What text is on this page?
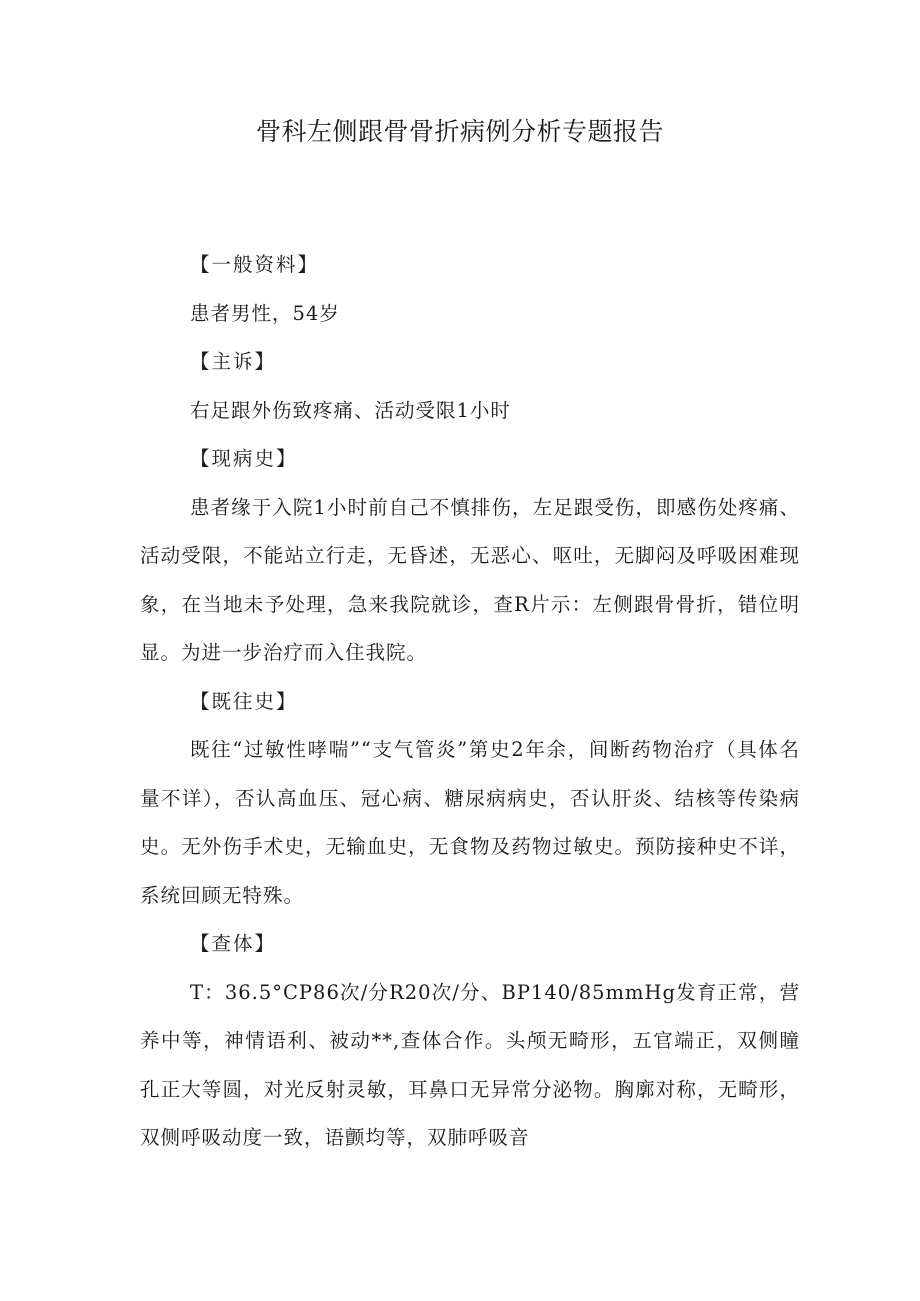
骨科左侧跟骨骨折病例分析专题报告

【一般资料】

患者男性，54岁

【主诉】

右足跟外伤致疼痛、活动受限1小时

【现病史】

患者缘于入院1小时前自己不慎排伤，左足跟受伤，即感伤处疼痛、活动受限，不能站立行走，无昏述，无恶心、呕吐，无脚闷及呼吸困难现象，在当地未予处理，急来我院就诊，查R片示：左侧跟骨骨折，错位明显。为进一步治疗而入住我院。

【既往史】

既往“过敏性哮喘”“支气管炎”第史2年余，间断药物治疗（具体名量不详），否认高血压、冠心病、糖尿病病史，否认肝炎、结核等传染病史。无外伤手术史，无输血史，无食物及药物过敏史。预防接种史不详，系统回顾无特殊。

【查体】

T：36.5°CP86次/分R20次/分、BP140/85mmHg发育正常，营养中等，神情语利、被动**,查体合作。头颅无畸形，五官端正，双侧瞳孔正大等圆，对光反射灵敏，耳鼻口无异常分泌物。胸廓对称，无畸形，双侧呼吸动度一致，语颤均等，双肺呼吸音
